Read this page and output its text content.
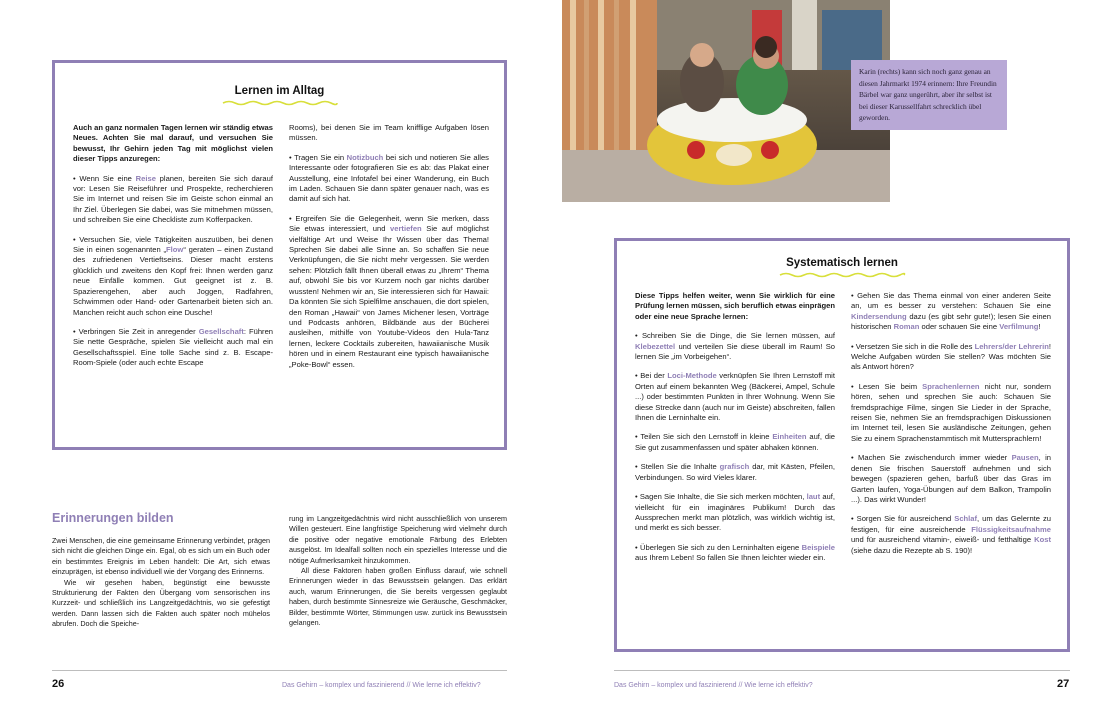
Lernen im Alltag

Auch an ganz normalen Tagen lernen wir ständig etwas Neues. Achten Sie mal darauf, und versuchen Sie bewusst, Ihr Gehirn jeden Tag mit möglichst vielen dieser Tipps anzuregen:

• Wenn Sie eine Reise planen, bereiten Sie sich darauf vor: Lesen Sie Reiseführer und Prospekte, recherchieren Sie im Internet und reisen Sie im Geiste schon einmal an Ihr Ziel. Überlegen Sie dabei, was Sie mitnehmen müssen, und schreiben Sie eine Checkliste zum Kofferpacken.

• Versuchen Sie, viele Tätigkeiten auszuüben, bei denen Sie in einen sogenannten „Flow“ geraten – einen Zustand des zufriedenen Vertieftseins. Dieser macht erstens glücklich und zweitens den Kopf frei: Ihnen werden ganz neue Einfälle kommen. Gut geeignet ist z. B. Spazierengehen, aber auch Joggen, Radfahren, Schwimmen oder Hand- oder Gartenarbeit bieten sich an. Manchen reicht auch schon eine Dusche!

• Verbringen Sie Zeit in anregender Gesellschaft: Führen Sie nette Gespräche, spielen Sie vielleicht auch mal ein Gesellschaftsspiel. Eine tolle Sache sind z. B. Escape-Room-Spiele (oder auch echte Escape

Rooms), bei denen Sie im Team knifflige Aufgaben lösen müssen.

• Tragen Sie ein Notizbuch bei sich und notieren Sie alles Interessante oder fotografieren Sie es ab: das Plakat einer Ausstellung, eine Infotafel bei einer Wanderung, ein Buch im Laden. Schauen Sie dann später genauer nach, was es damit auf sich hat.

• Ergreifen Sie die Gelegenheit, wenn Sie merken, dass Sie etwas interessiert, und vertiefen Sie auf möglichst vielfältige Art und Weise Ihr Wissen über das Thema! Sprechen Sie dabei alle Sinne an. So schaffen Sie neue Verknüpfungen, die Sie nicht mehr vergessen. Sie werden sehen: Plötzlich fällt Ihnen überall etwas zu „Ihrem“ Thema auf, obwohl Sie bis vor Kurzem noch gar nichts darüber wussten! Nehmen wir an, Sie interessieren sich für Hawaii: Da könnten Sie sich Spielfilme anschauen, die dort spielen, den Roman „Hawaii“ von James Michener lesen, Vorträge und Podcasts anhören, Bildbände aus der Bücherei ausleihen, mithilfe von Youtube-Videos den Hula-Tanz lernen, leckere Cocktails zubereiten, hawaiianische Musik hören und in einem Restaurant eine typisch hawaiianische „Poke-Bowl“ essen.

Erinnerungen bilden

Zwei Menschen, die eine gemeinsame Erinnerung verbindet, prägen sich nicht die gleichen Dinge ein. Egal, ob es sich um ein Buch oder ein bestimmtes Ereignis im Leben handelt: Die Art, sich etwas einzuprägen, ist ebenso individuell wie der Vorgang des Erinnerns.

Wie wir gesehen haben, begünstigt eine bewusste Strukturierung der Fakten den Übergang vom sensorischen ins Kurzzeit- und schließlich ins Langzeitgedächtnis, wo sie gefestigt werden. Dann lassen sich die Fakten auch später noch mühelos abrufen. Doch die Speiche-

rung im Langzeitgedächtnis wird nicht ausschließlich von unserem Willen gesteuert. Eine langfristige Speicherung wird vielmehr durch die positive oder negative emotionale Färbung des Erlebten ausgelöst. Im Idealfall sollten noch ein spezielles Interesse und die nötige Aufmerksamkeit hinzukommen.

All diese Faktoren haben großen Einfluss darauf, wie schnell Erinnerungen wieder in das Bewusstsein gelangen. Das erklärt auch, warum Erinnerungen, die Sie bereits vergessen geglaubt haben, durch bestimmte Sinnesreize wie Geräusche, Geschmäcker, Bilder, bestimmte Wörter, Stimmungen usw. zurück ins Bewusstsein gelangen.

26	Das Gehirn – komplex und faszinierend // Wie lerne ich effektiv?
Karin (rechts) kann sich noch ganz genau an diesen Jahrmarkt 1974 erinnern: Ihre Freundin Bärbel war ganz ungerührt, aber ihr selbst ist bei dieser Karussellfahrt schrecklich übel geworden.
Systematisch lernen

Diese Tipps helfen weiter, wenn Sie wirklich für eine Prüfung lernen müssen, sich beruflich etwas einprägen oder eine neue Sprache lernen:

• Schreiben Sie die Dinge, die Sie lernen müssen, auf Klebezettel und verteilen Sie diese überall im Raum! So lernen Sie „im Vorbeigehen“.

• Bei der Loci-Methode verknüpfen Sie Ihren Lernstoff mit Orten auf einem bekannten Weg (Bäckerei, Ampel, Schule ...) oder bestimmten Punkten in Ihrer Wohnung. Wenn Sie diese Strecke dann (auch nur im Geiste) abschreiten, fallen Ihnen die Lerninhalte ein.

• Teilen Sie sich den Lernstoff in kleine Einheiten auf, die Sie gut zusammenfassen und später abhaken können.

• Stellen Sie die Inhalte grafisch dar, mit Kästen, Pfeilen, Verbindungen. So wird Vieles klarer.

• Sagen Sie Inhalte, die Sie sich merken möchten, laut auf, vielleicht für ein imaginäres Publikum! Durch das Aussprechen merkt man plötzlich, was wirklich wichtig ist, und merkt es sich besser.

• Überlegen Sie sich zu den Lerninhalten eigene Beispiele aus Ihrem Leben! So fallen Sie Ihnen leichter wieder ein.

• Gehen Sie das Thema einmal von einer anderen Seite an, um es besser zu verstehen: Schauen Sie eine Kindersendung dazu (es gibt sehr gute!); lesen Sie einen historischen Roman oder schauen Sie eine Verfilmung!

• Versetzen Sie sich in die Rolle des Lehrers/der Lehrerin! Welche Aufgaben würden Sie stellen? Was möchten Sie als Antwort hören?

• Lesen Sie beim Sprachenlernen nicht nur, sondern hören, sehen und sprechen Sie auch: Schauen Sie fremdsprachige Filme, singen Sie Lieder in der Sprache, reisen Sie, nehmen Sie an fremdsprachigen Diskussionen im Internet teil, lesen Sie ausländische Zeitungen, gehen Sie zu einem Sprachenstammtisch mit Muttersprachlern!

• Machen Sie zwischendurch immer wieder Pausen, in denen Sie frischen Sauerstoff aufnehmen und sich bewegen (spazieren gehen, barfuß über das Gras im Garten laufen, Yoga-Übungen auf dem Balkon, Trampolin ...). Das wirkt Wunder!

• Sorgen Sie für ausreichend Schlaf, um das Gelernte zu festigen, für eine ausreichende Flüssigkeitsaufnahme und für ausreichend vitamin-, eiweiß- und fetthaltige Kost (siehe dazu die Rezepte ab S. 190)!

Das Gehirn – komplex und faszinierend // Wie lerne ich effektiv?	27
